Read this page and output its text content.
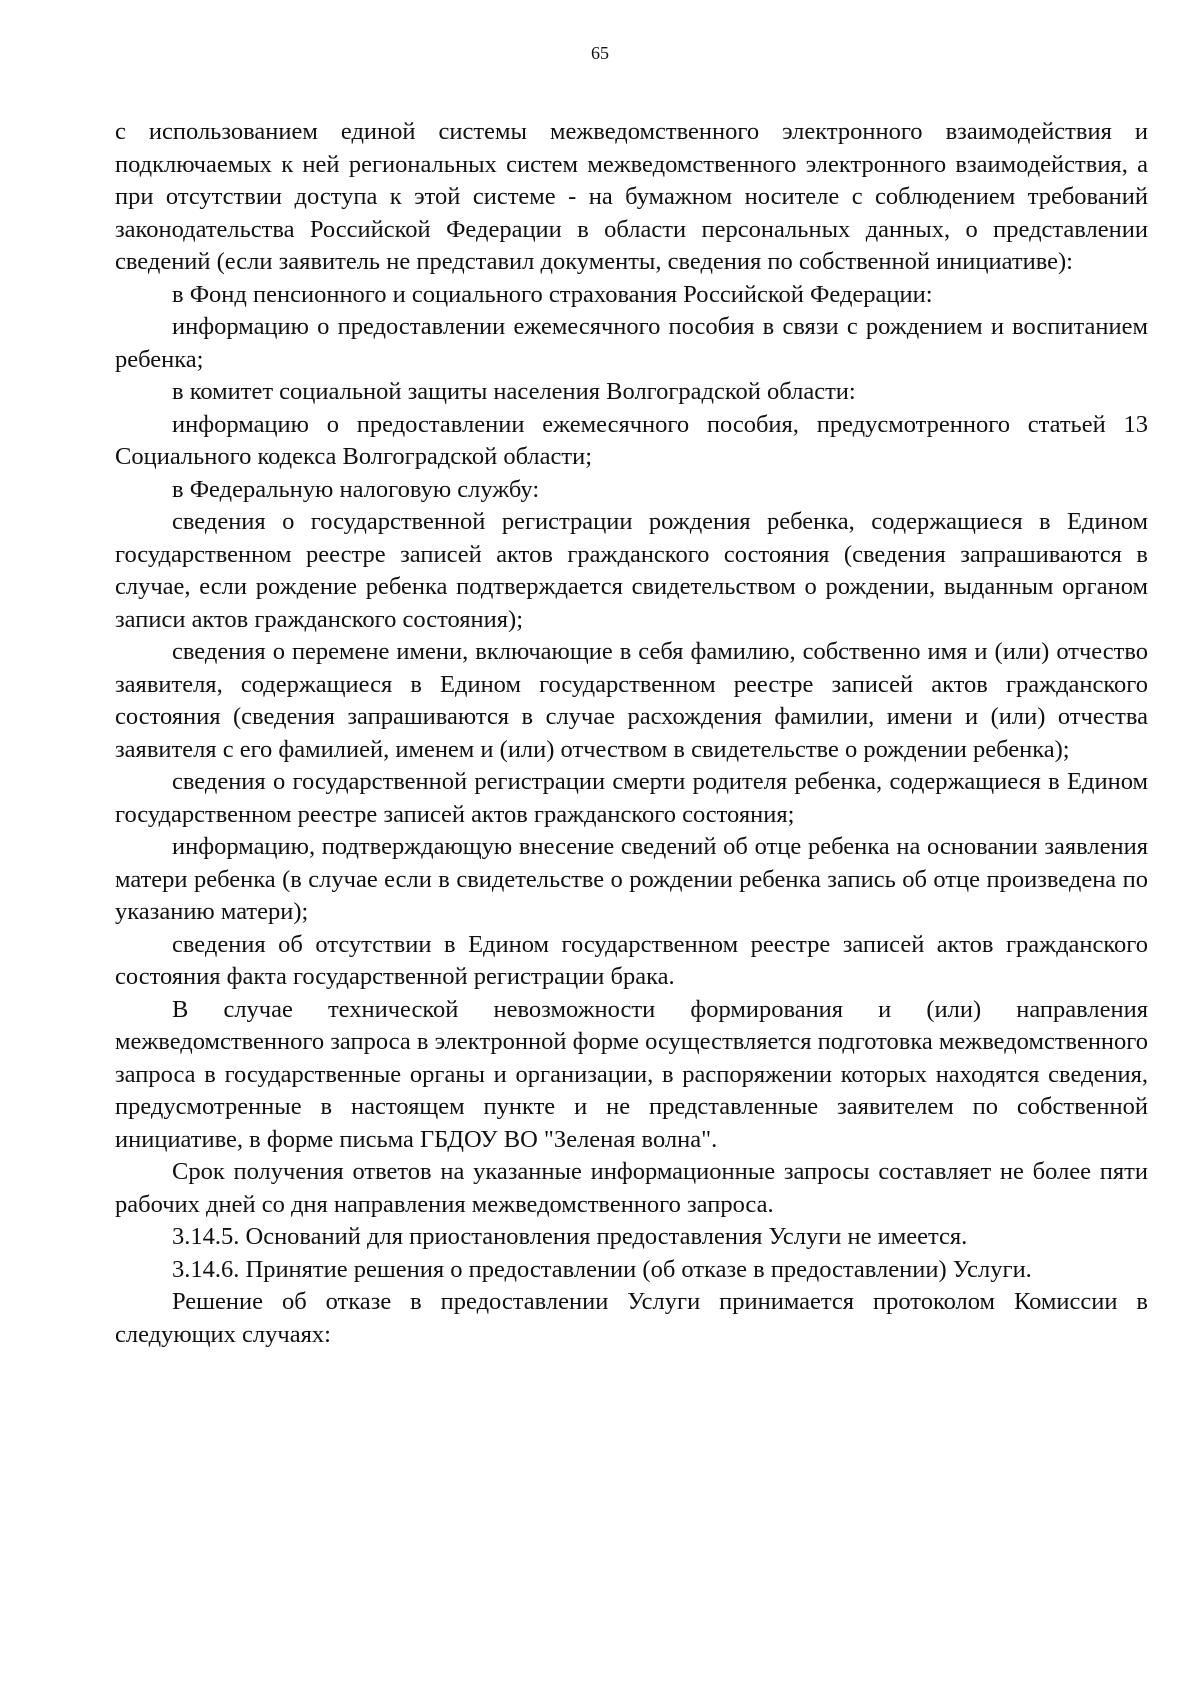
65

с использованием единой системы межведомственного электронного взаимодействия и подключаемых к ней региональных систем межведомственного электронного взаимодействия, а при отсутствии доступа к этой системе - на бумажном носителе с соблюдением требований законодательства Российской Федерации в области персональных данных, о представлении сведений (если заявитель не представил документы, сведения по собственной инициативе):

в Фонд пенсионного и социального страхования Российской Федерации:

информацию о предоставлении ежемесячного пособия в связи с рождением и воспитанием ребенка;

в комитет социальной защиты населения Волгоградской области:

информацию о предоставлении ежемесячного пособия, предусмотренного статьей 13 Социального кодекса Волгоградской области;

в Федеральную налоговую службу:

сведения о государственной регистрации рождения ребенка, содержащиеся в Едином государственном реестре записей актов гражданского состояния (сведения запрашиваются в случае, если рождение ребенка подтверждается свидетельством о рождении, выданным органом записи актов гражданского состояния);

сведения о перемене имени, включающие в себя фамилию, собственно имя и (или) отчество заявителя, содержащиеся в Едином государственном реестре записей актов гражданского состояния (сведения запрашиваются в случае расхождения фамилии, имени и (или) отчества заявителя с его фамилией, именем и (или) отчеством в свидетельстве о рождении ребенка);

сведения о государственной регистрации смерти родителя ребенка, содержащиеся в Едином государственном реестре записей актов гражданского состояния;

информацию, подтверждающую внесение сведений об отце ребенка на основании заявления матери ребенка (в случае если в свидетельстве о рождении ребенка запись об отце произведена по указанию матери);

сведения об отсутствии в Едином государственном реестре записей актов гражданского состояния факта государственной регистрации брака.

В случае технической невозможности формирования и (или) направления межведомственного запроса в электронной форме осуществляется подготовка межведомственного запроса в государственные органы и организации, в распоряжении которых находятся сведения, предусмотренные в настоящем пункте и не представленные заявителем по собственной инициативе, в форме письма ГБДОУ ВО "Зеленая волна".

Срок получения ответов на указанные информационные запросы составляет не более пяти рабочих дней со дня направления межведомственного запроса.

3.14.5. Оснований для приостановления предоставления Услуги не имеется.

3.14.6. Принятие решения о предоставлении (об отказе в предоставлении) Услуги.

Решение об отказе в предоставлении Услуги принимается протоколом Комиссии в следующих случаях:
